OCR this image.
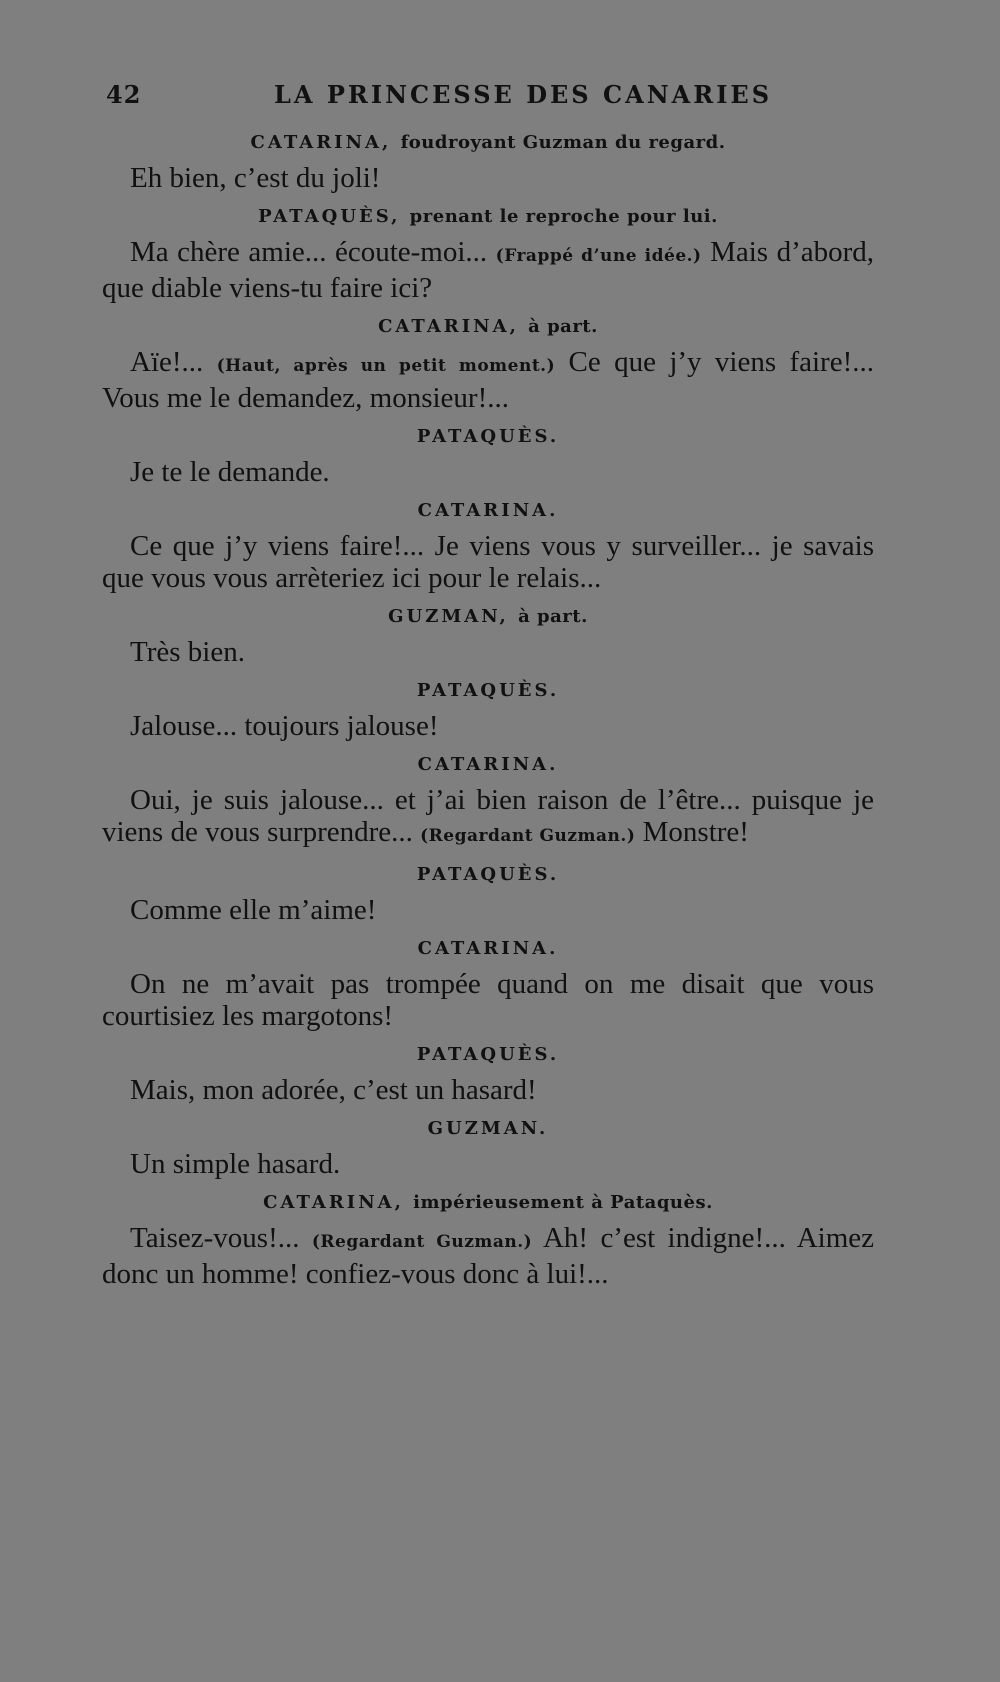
42	LA PRINCESSE DES CANARIES

CATARINA, foudroyant Guzman du regard.

Eh bien, c’est du joli!

PATAQUÈS, prenant le reproche pour lui.

Ma chère amie... écoute-moi... (Frappé d’une idée.) Mais d’abord, que diable viens-tu faire ici?

CATARINA, à part.

Aïe!... (Haut, après un petit moment.) Ce que j’y viens faire!... Vous me le demandez, monsieur!...

PATAQUÈS.

Je te le demande.

CATARINA.

Ce que j’y viens faire!... Je viens vous y surveiller... je savais que vous vous arrèteriez ici pour le relais...

GUZMAN, à part.

Très bien.

PATAQUÈS.

Jalouse... toujours jalouse!

CATARINA.

Oui, je suis jalouse... et j’ai bien raison de l’être... puisque je viens de vous surprendre... (Regardant Guzman.) Monstre!

PATAQUÈS.

Comme elle m’aime!

CATARINA.

On ne m’avait pas trompée quand on me disait que vous courtisiez les margotons!

PATAQUÈS.

Mais, mon adorée, c’est un hasard!

GUZMAN.

Un simple hasard.

CATARINA, impérieusement à Pataquès.

Taisez-vous!... (Regardant Guzman.) Ah! c’est indigne!... Aimez donc un homme! confiez-vous donc à lui!...
